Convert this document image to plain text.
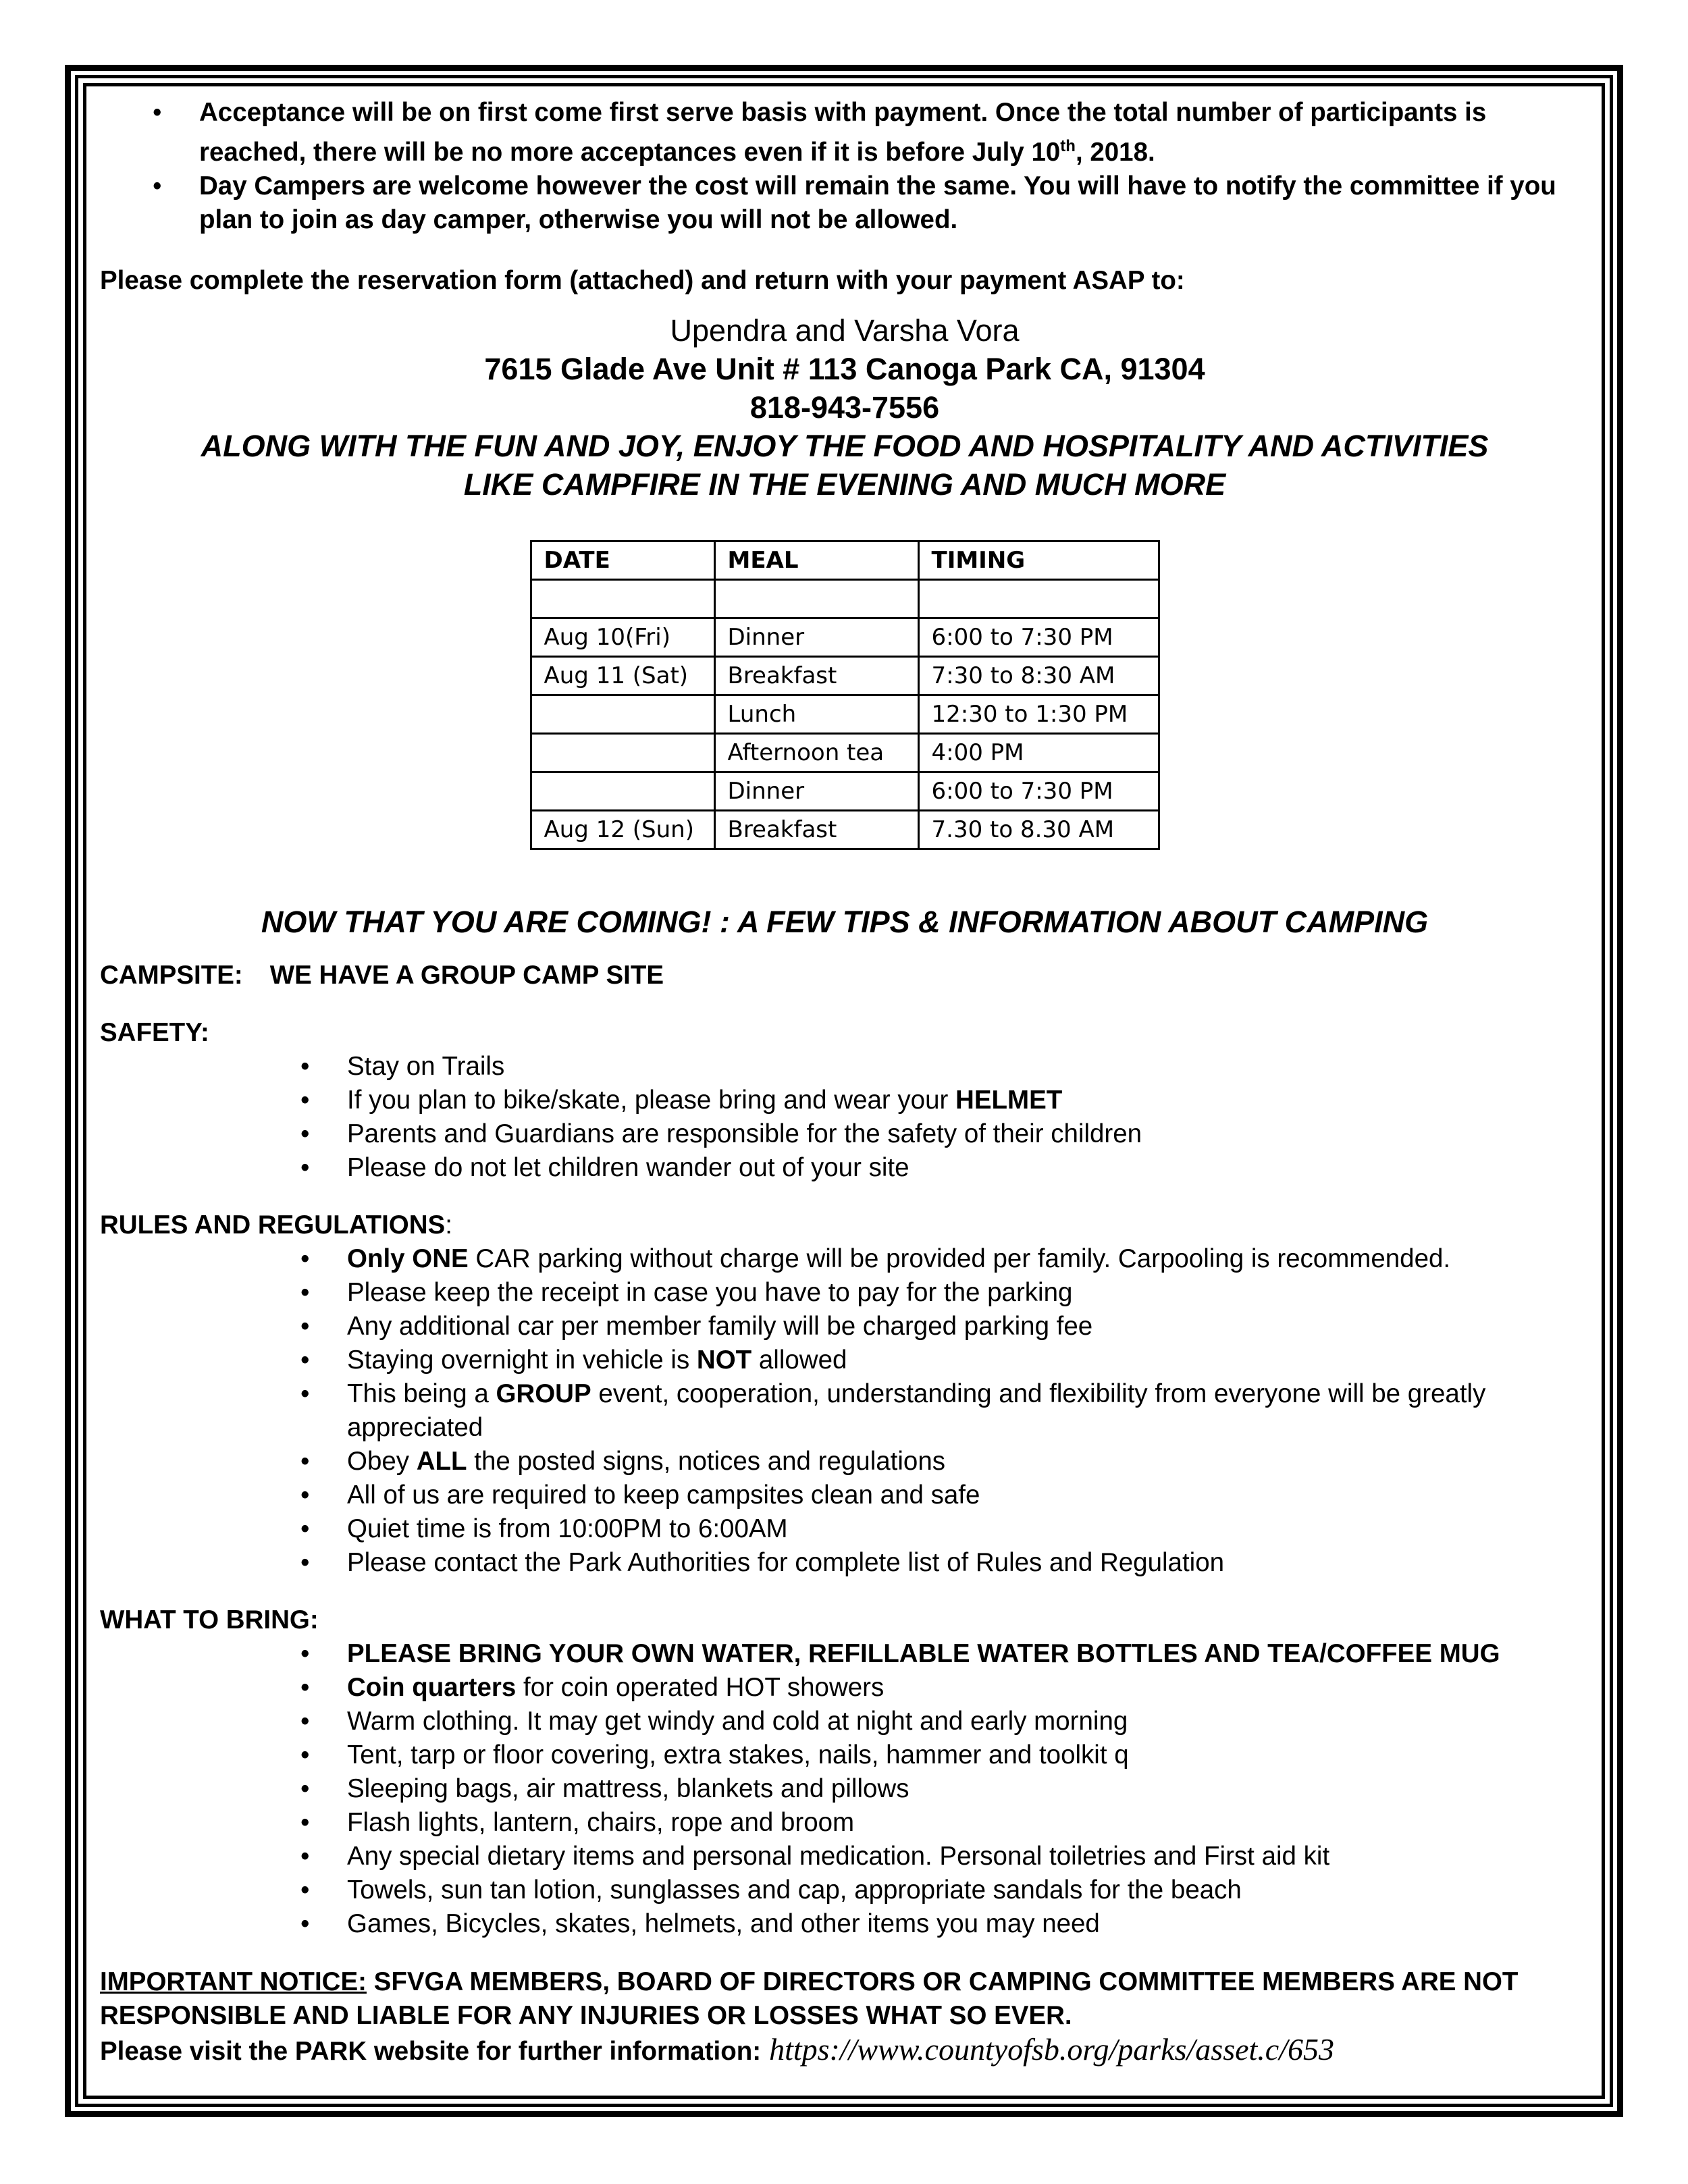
• Acceptance will be on first come first serve basis with payment. Once the total number of participants is reached, there will be no more acceptances even if it is before July 10th, 2018.
• Day Campers are welcome however the cost will remain the same. You will have to notify the committee if you plan to join as day camper, otherwise you will not be allowed.

Please complete the reservation form (attached) and return with your payment ASAP to:

Upendra and Varsha Vora
7615 Glade Ave Unit # 113 Canoga Park CA, 91304
818-943-7556
ALONG WITH THE FUN AND JOY, ENJOY THE FOOD AND HOSPITALITY AND ACTIVITIES
LIKE CAMPFIRE IN THE EVENING AND MUCH MORE
DATE	MEAL	TIMING

Aug 10(Fri)	Dinner	6:00 to 7:30 PM
Aug 11 (Sat)	Breakfast	7:30 to 8:30 AM
	Lunch	12:30 to 1:30 PM
	Afternoon tea	4:00 PM
	Dinner	6:00 to 7:30 PM
Aug 12 (Sun)	Breakfast	7.30 to 8.30 AM
NOW THAT YOU ARE COMING! : A FEW TIPS & INFORMATION ABOUT CAMPING
CAMPSITE: WE HAVE A GROUP CAMP SITE
SAFETY:
• Stay on Trails
• If you plan to bike/skate, please bring and wear your HELMET
• Parents and Guardians are responsible for the safety of their children
• Please do not let children wander out of your site
RULES AND REGULATIONS:
• Only ONE CAR parking without charge will be provided per family. Carpooling is recommended.
• Please keep the receipt in case you have to pay for the parking
• Any additional car per member family will be charged parking fee
• Staying overnight in vehicle is NOT allowed
• This being a GROUP event, cooperation, understanding and flexibility from everyone will be greatly appreciated
• Obey ALL the posted signs, notices and regulations
• All of us are required to keep campsites clean and safe
• Quiet time is from 10:00PM to 6:00AM
• Please contact the Park Authorities for complete list of Rules and Regulation
WHAT TO BRING:
• PLEASE BRING YOUR OWN WATER, REFILLABLE WATER BOTTLES AND TEA/COFFEE MUG
• Coin quarters for coin operated HOT showers
• Warm clothing. It may get windy and cold at night and early morning
• Tent, tarp or floor covering, extra stakes, nails, hammer and toolkit q
• Sleeping bags, air mattress, blankets and pillows
• Flash lights, lantern, chairs, rope and broom
• Any special dietary items and personal medication. Personal toiletries and First aid kit
• Towels, sun tan lotion, sunglasses and cap, appropriate sandals for the beach
• Games, Bicycles, skates, helmets, and other items you may need
IMPORTANT NOTICE: SFVGA MEMBERS, BOARD OF DIRECTORS OR CAMPING COMMITTEE MEMBERS ARE NOT RESPONSIBLE AND LIABLE FOR ANY INJURIES OR LOSSES WHAT SO EVER.
Please visit the PARK website for further information: https://www.countyofsb.org/parks/asset.c/653
